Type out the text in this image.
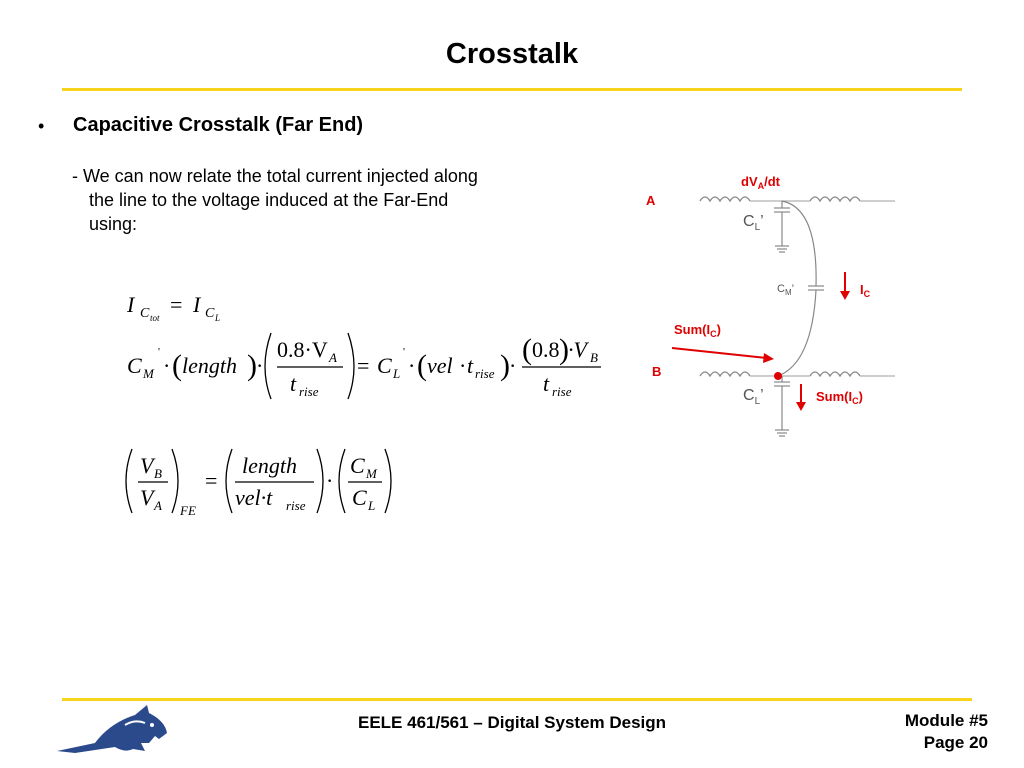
Crosstalk
• Capacitive Crosstalk (Far End)
- We can now relate the total current injected along
the line to the voltage induced at the Far-End
using:
I C tot
= I C L
C M
'
· ( length ) ·
0.8·V A
t rise
= C L
'
· ( vel · t rise ) · ( 0.8 ) ·V B
t rise
V B
V A FE
=
length
vel·t rise
·
C M
C L
$dV_A/dt$
A
B
$I_C$
$Sum(I_C)$
$Sum(I_C)$
$C_L$’
$C_M$’
$C_L$’
EELE 461/561 – Digital System Design	Module #5
Page 20
